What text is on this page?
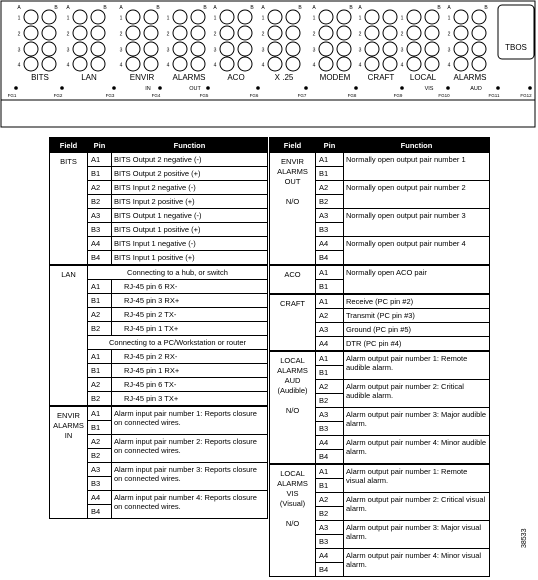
1
2
3
4
A	B
BITS
1
2
3
4
A	B
LAN
1
2
3
4
A	B
ENVIR
IN
1
2
3
4
B
ALARMS
OUT
1
2
3
4
A	B
ACO
1
2
3
4
A	B
X .25
1
2
3
4
A	B
MODEM
1
2
3
4
A
CRAFT
1
2
3
4
B
LOCAL
VIS
1
2
3
4
A	B
ALARMS
AUD
TBOS
FG1	FG2	FG3	FG4	FG5	FG6	FG7	FG8	FG9	FG10	FG11	FG12
Field	Pin	Function
BITS	A1	BITS Output 2 negative (-)
	B1	BITS Output 2 positive (+)
	A2	BITS Input 2 negative (-)
	B2	BITS Input 2 positive (+)
	A3	BITS Output 1 negative (-)
	B3	BITS Output 1 positive (+)
	A4	BITS Input 1 negative (-)
	B4	BITS Input 1 positive (+)
LAN	Connecting to a hub, or switch	
	A1	RJ-45 pin 6 RX-
	B1	RJ-45 pin 3 RX+
	A2	RJ-45 pin 2 TX-
	B2	RJ-45 pin 1 TX+
	Connecting to a PC/Workstation or router	
	A1	RJ-45 pin 2 RX-
	B1	RJ-45 pin 1 RX+
	A2	RJ-45 pin 6 TX-
	B2	RJ-45 pin 3 TX+
ENVIR
ALARMS
IN	A1	Alarm input pair number 1: Reports closure on connected wires.
	B1	
	A2	Alarm input pair number 2: Reports closure on connected wires.
	B2	
	A3	Alarm input pair number 3: Reports closure on connected wires.
	B3	
	A4	Alarm input pair number 4: Reports closure on connected wires.
	B4	
Field	Pin	Function
ENVIR
ALARMS
OUT

N/O	A1	Normally open output pair number 1
	B1	
	A2	Normally open output pair number 2
	B2	
	A3	Normally open output pair number 3
	B3	
	A4	Normally open output pair number 4
	B4	
ACO	A1	Normally open ACO pair
	B1	
CRAFT	A1	Receive (PC pin #2)
	A2	Transmit (PC pin #3)
	A3	Ground (PC pin #5)
	A4	DTR (PC pin #4)
LOCAL
ALARMS
AUD
(Audible)

N/O	A1	Alarm output pair number 1: Remote audible alarm.
	B1	
	A2	Alarm output pair number 2: Critical audible alarm.
	B2	
	A3	Alarm output pair number 3: Major audible alarm.
	B3	
	A4	Alarm output pair number 4: Minor audible alarm.
	B4	
LOCAL
ALARMS
VIS
(Visual)

N/O	A1	Alarm output pair number 1: Remote visual alarm.
	B1	
	A2	Alarm output pair number 2: Critical visual alarm.
	B2	
	A3	Alarm output pair number 3: Major visual alarm.
	B3	
	A4	Alarm output pair number 4: Minor visual alarm.
	B4	
38533
